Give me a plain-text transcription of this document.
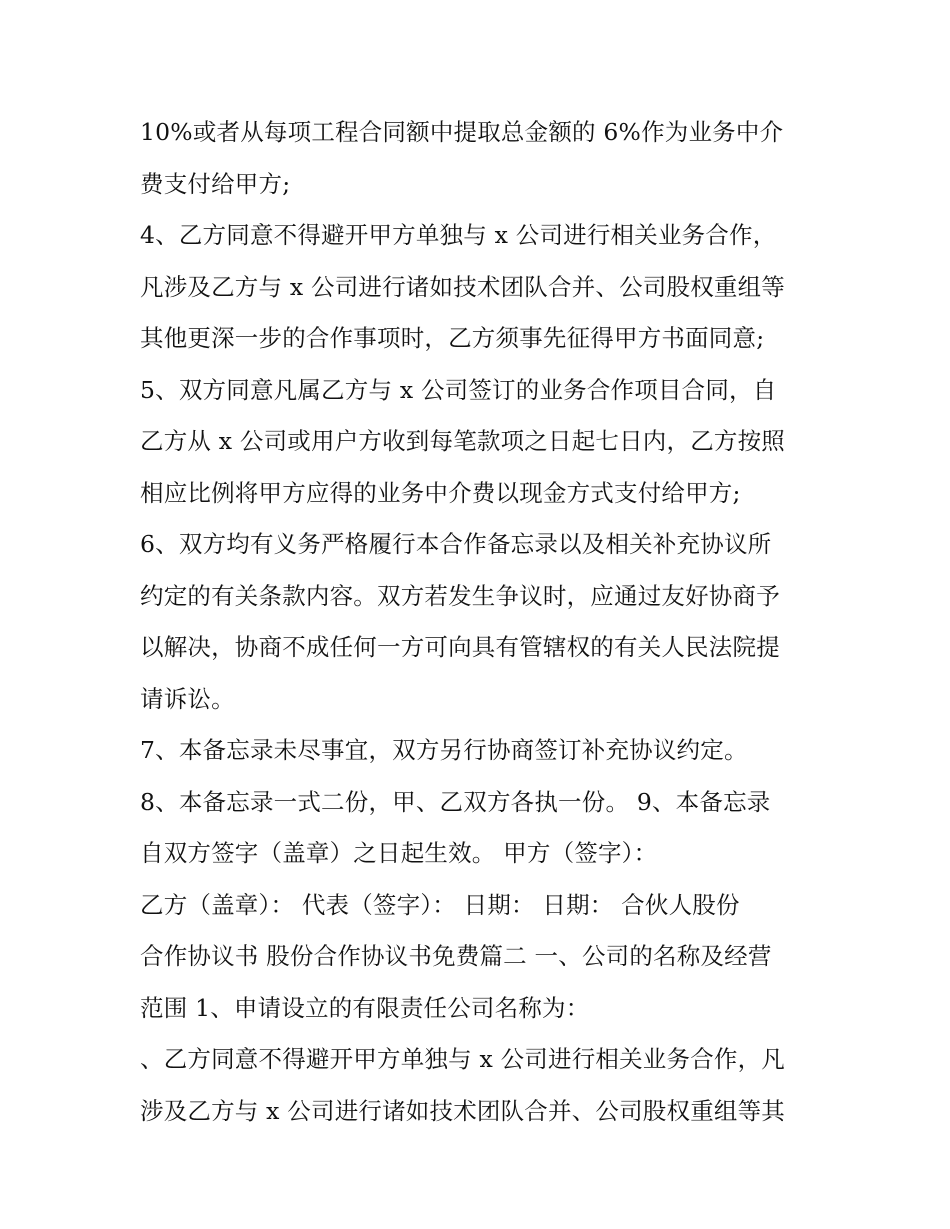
10%或者从每项工程合同额中提取总金额的 6%作为业务中介
费支付给甲方;
4、乙方同意不得避开甲方单独与 x 公司进行相关业务合作，
凡涉及乙方与 x 公司进行诸如技术团队合并、公司股权重组等
其他更深一步的合作事项时，乙方须事先征得甲方书面同意;
5、双方同意凡属乙方与 x 公司签订的业务合作项目合同，自
乙方从 x 公司或用户方收到每笔款项之日起七日内，乙方按照
相应比例将甲方应得的业务中介费以现金方式支付给甲方;
6、双方均有义务严格履行本合作备忘录以及相关补充协议所
约定的有关条款内容。双方若发生争议时，应通过友好协商予
以解决，协商不成任何一方可向具有管辖权的有关人民法院提
请诉讼。
7、本备忘录未尽事宜，双方另行协商签订补充协议约定。
8、本备忘录一式二份，甲、乙双方各执一份。 9、本备忘录
自双方签字（盖章）之日起生效。 甲方（签字）：
乙方（盖章）： 代表（签字）： 日期： 日期： 合伙人股份
合作协议书 股份合作协议书免费篇二 一、公司的名称及经营
范围 1、申请设立的有限责任公司名称为：
、乙方同意不得避开甲方单独与 x 公司进行相关业务合作，凡
涉及乙方与 x 公司进行诸如技术团队合并、公司股权重组等其
